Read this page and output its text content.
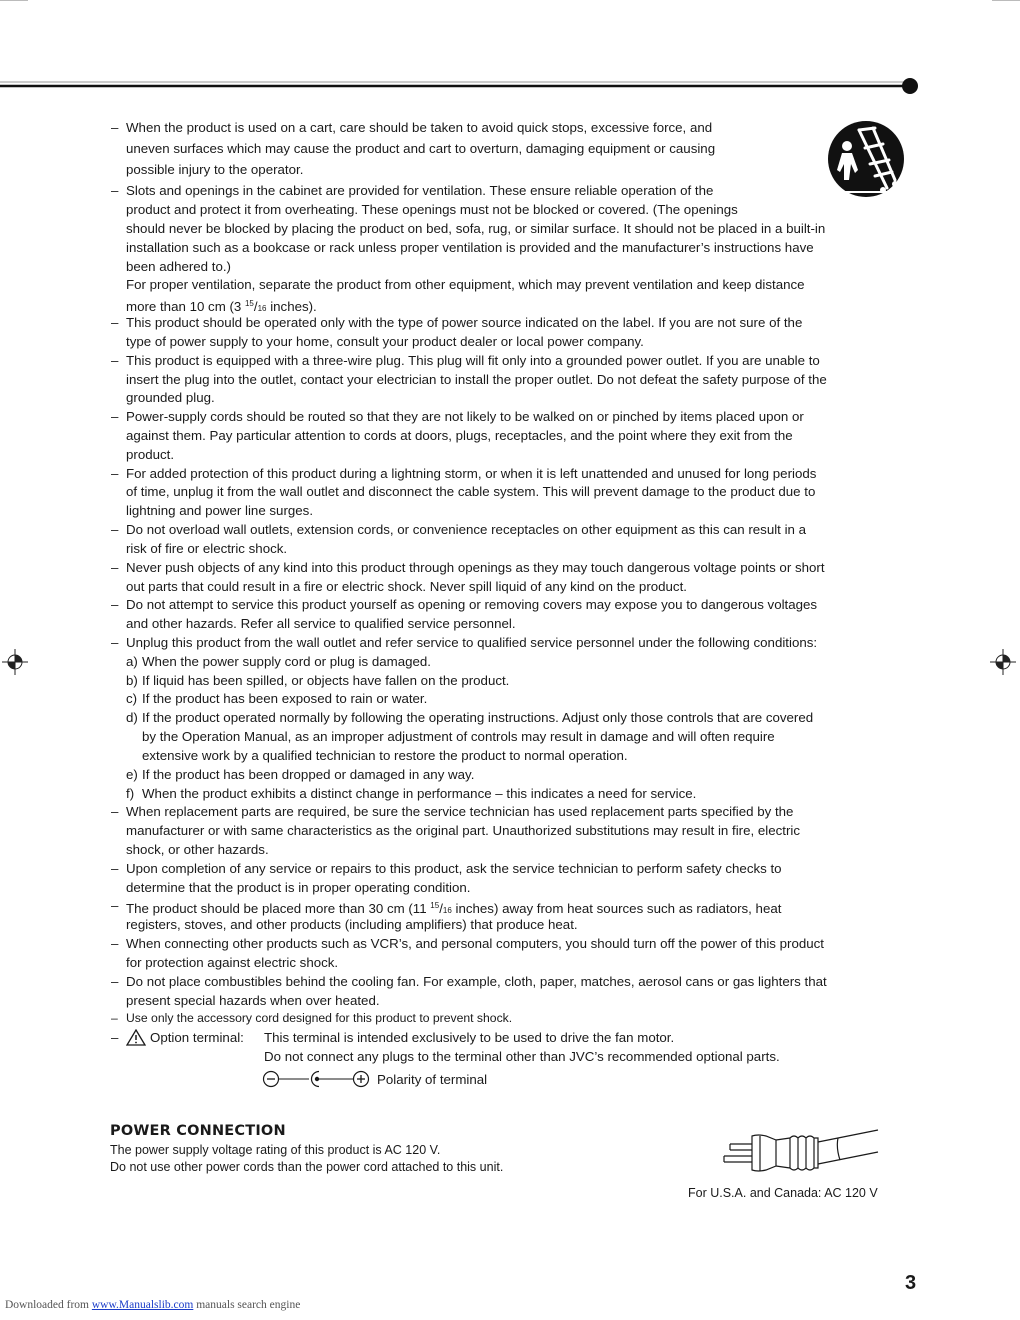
– When the product is used on a cart, care should be taken to avoid quick stops, excessive force, and
uneven surfaces which may cause the product and cart to overturn, damaging equipment or causing
possible injury to the operator.
– Slots and openings in the cabinet are provided for ventilation. These ensure reliable operation of the
product and protect it from overheating. These openings must not be blocked or covered. (The openings
should never be blocked by placing the product on bed, sofa, rug, or similar surface. It should not be placed in a built-in
installation such as a bookcase or rack unless proper ventilation is provided and the manufacturer’s instructions have
been adhered to.)
For proper ventilation, separate the product from other equipment, which may prevent ventilation and keep distance
more than 10 cm (3 $^{15}$/16 inches).
– This product should be operated only with the type of power source indicated on the label. If you are not sure of the
type of power supply to your home, consult your product dealer or local power company.
– This product is equipped with a three-wire plug. This plug will fit only into a grounded power outlet. If you are unable to
insert the plug into the outlet, contact your electrician to install the proper outlet. Do not defeat the safety purpose of the
grounded plug.
– Power-supply cords should be routed so that they are not likely to be walked on or pinched by items placed upon or
against them. Pay particular attention to cords at doors, plugs, receptacles, and the point where they exit from the
product.
– For added protection of this product during a lightning storm, or when it is left unattended and unused for long periods
of time, unplug it from the wall outlet and disconnect the cable system. This will prevent damage to the product due to
lightning and power line surges.
– Do not overload wall outlets, extension cords, or convenience receptacles on other equipment as this can result in a
risk of fire or electric shock.
– Never push objects of any kind into this product through openings as they may touch dangerous voltage points or short
out parts that could result in a fire or electric shock. Never spill liquid of any kind on the product.
– Do not attempt to service this product yourself as opening or removing covers may expose you to dangerous voltages
and other hazards. Refer all service to qualified service personnel.
– Unplug this product from the wall outlet and refer service to qualified service personnel under the following conditions:
a) When the power supply cord or plug is damaged.
b) If liquid has been spilled, or objects have fallen on the product.
c) If the product has been exposed to rain or water.
d) If the product operated normally by following the operating instructions. Adjust only those controls that are covered
by the Operation Manual, as an improper adjustment of controls may result in damage and will often require
extensive work by a qualified technician to restore the product to normal operation.
e) If the product has been dropped or damaged in any way.
f) When the product exhibits a distinct change in performance – this indicates a need for service.
– When replacement parts are required, be sure the service technician has used replacement parts specified by the
manufacturer or with same characteristics as the original part. Unauthorized substitutions may result in fire, electric
shock, or other hazards.
– Upon completion of any service or repairs to this product, ask the service technician to perform safety checks to
determine that the product is in proper operating condition.
– The product should be placed more than 30 cm (11 $^{15}$/16 inches) away from heat sources such as radiators, heat
registers, stoves, and other products (including amplifiers) that produce heat.
– When connecting other products such as VCR’s, and personal computers, you should turn off the power of this product
for protection against electric shock.
– Do not place combustibles behind the cooling fan. For example, cloth, paper, matches, aerosol cans or gas lighters that
present special hazards when over heated.
– Use only the accessory cord designed for this product to prevent shock.
– Option terminal: This terminal is intended exclusively to be used to drive the fan motor.
Do not connect any plugs to the terminal other than JVC’s recommended optional parts.
Polarity of terminal
POWER CONNECTION
The power supply voltage rating of this product is AC 120 V.
Do not use other power cords than the power cord attached to this unit.
For U.S.A. and Canada: AC 120 V
3
Downloaded from www.Manualslib.com manuals search engine
